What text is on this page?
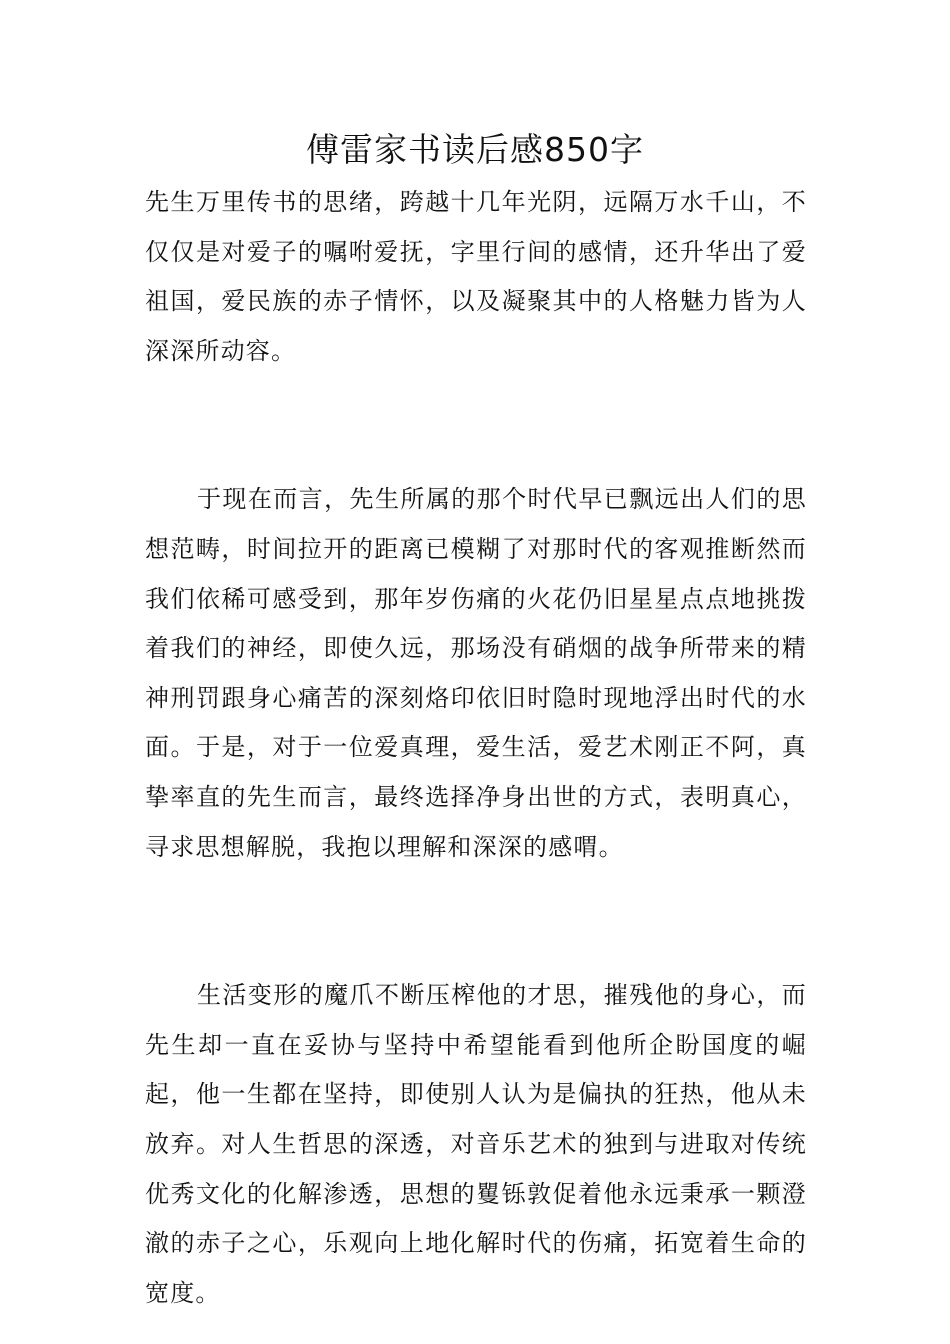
傅雷家书读后感850字

先生万里传书的思绪，跨越十几年光阴，远隔万水千山，不仅仅是对爱子的嘱咐爱抚，字里行间的感情，还升华出了爱祖国，爱民族的赤子情怀，以及凝聚其中的人格魅力皆为人深深所动容。

于现在而言，先生所属的那个时代早已飘远出人们的思想范畴，时间拉开的距离已模糊了对那时代的客观推断然而我们依稀可感受到，那年岁伤痛的火花仍旧星星点点地挑拨着我们的神经，即使久远，那场没有硝烟的战争所带来的精神刑罚跟身心痛苦的深刻烙印依旧时隐时现地浮出时代的水面。于是，对于一位爱真理，爱生活，爱艺术刚正不阿，真挚率直的先生而言，最终选择净身出世的方式，表明真心，寻求思想解脱，我抱以理解和深深的感喟。

生活变形的魔爪不断压榨他的才思，摧残他的身心，而先生却一直在妥协与坚持中希望能看到他所企盼国度的崛起，他一生都在坚持，即使别人认为是偏执的狂热，他从未放弃。对人生哲思的深透，对音乐艺术的独到与进取对传统优秀文化的化解渗透，思想的矍铄敦促着他永远秉承一颗澄澈的赤子之心，乐观向上地化解时代的伤痛，拓宽着生命的宽度。
